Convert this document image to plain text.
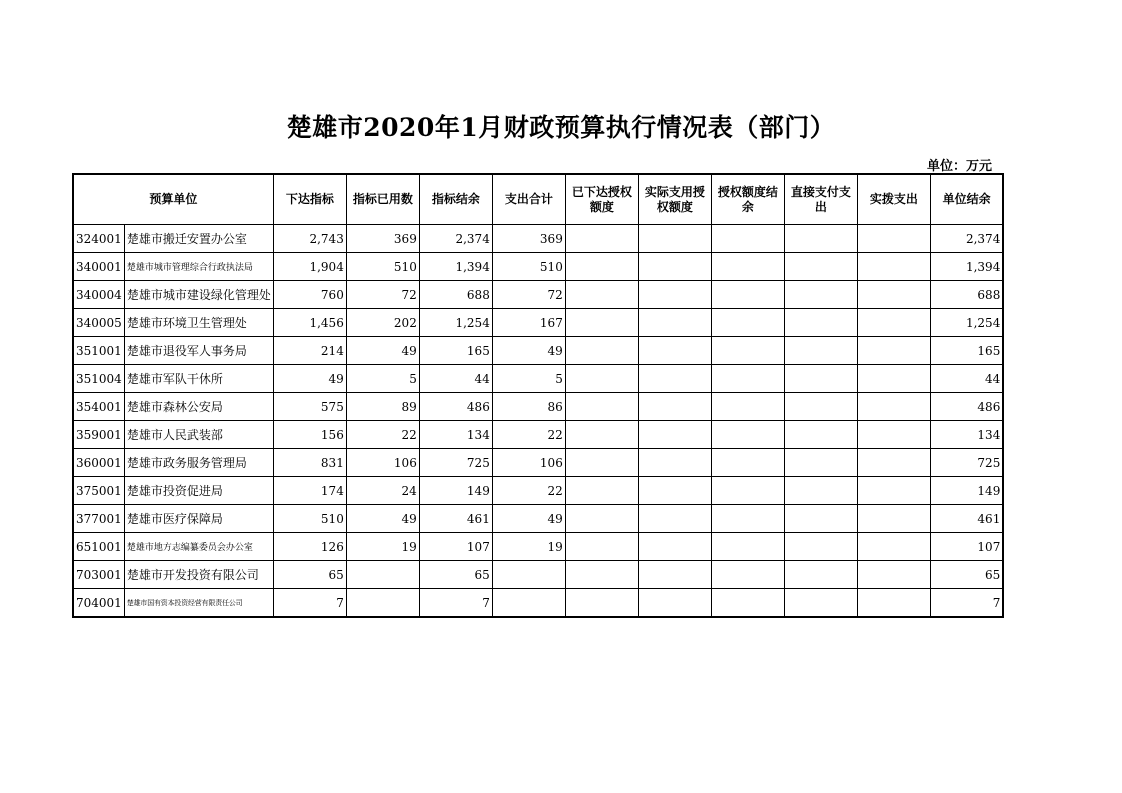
楚雄市2020年1月财政预算执行情况表（部门）
单位：万元
预算单位		下达指标	指标已用数	指标结余	支出合计	已下达授权额度	实际支用授权额度	授权额度结余	直接支付支出	实拨支出	单位结余
324001	楚雄市搬迁安置办公室	2,743	369	2,374	369						2,374
340001	楚雄市城市管理综合行政执法局	1,904	510	1,394	510						1,394
340004	楚雄市城市建设绿化管理处	760	72	688	72						688
340005	楚雄市环境卫生管理处	1,456	202	1,254	167						1,254
351001	楚雄市退役军人事务局	214	49	165	49						165
351004	楚雄市军队干休所	49	5	44	5						44
354001	楚雄市森林公安局	575	89	486	86						486
359001	楚雄市人民武装部	156	22	134	22						134
360001	楚雄市政务服务管理局	831	106	725	106						725
375001	楚雄市投资促进局	174	24	149	22						149
377001	楚雄市医疗保障局	510	49	461	49						461
651001	楚雄市地方志编纂委员会办公室	126	19	107	19						107
703001	楚雄市开发投资有限公司	65		65							65
704001	楚雄市国有资本投资经营有限责任公司	7		7							7
